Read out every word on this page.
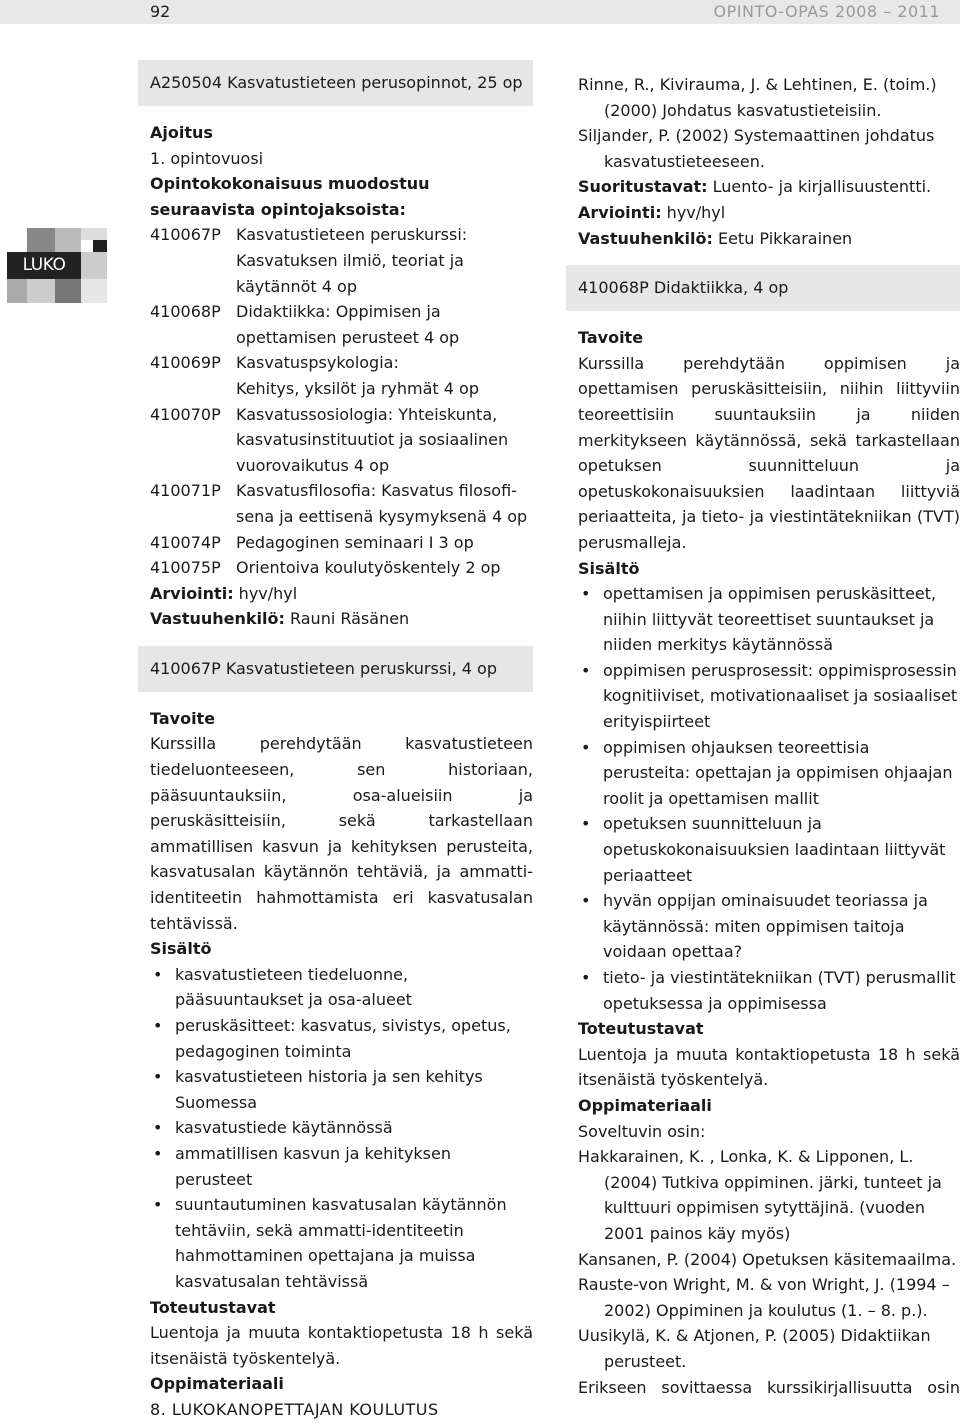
92	OPINTO-OPAS 2008 – 2011
LUKO
A250504 Kasvatustieteen perusopinnot, 25 op

Ajoitus

1. opintovuosi

Opintokokonaisuus muodostuu

seuraavista opintojaksoista:

410067P Kasvatustieteen peruskurssi:
Kasvatuksen ilmiö, teoriat ja
käytännöt 4 op
410068P Didaktiikka: Oppimisen ja
opettamisen perusteet 4 op
410069P Kasvatuspsykologia:
Kehitys, yksilöt ja ryhmät 4 op
410070P Kasvatussosiologia: Yhteiskunta,
kasvatusinstituutiot ja sosiaalinen
vuorovaikutus 4 op
410071P Kasvatusfilosofia: Kasvatus filosofi-
sena ja eettisenä kysymyksenä 4 op
410074P Pedagoginen seminaari I 3 op
410075P Orientoiva koulutyöskentely 2 op

Arviointi: hyv/hyl

Vastuuhenkilö: Rauni Räsänen

410067P Kasvatustieteen peruskurssi, 4 op

Tavoite

Kurssilla perehdytään kasvatustieteen tiedeluonteeseen, sen historiaan, pääsuuntauksiin, osa-alueisiin ja peruskäsitteisiin, sekä tarkastellaan ammatillisen kasvun ja kehityksen perusteita, kasvatusalan käytännön tehtäviä, ja ammatti-identiteetin hahmottamista eri kasvatusalan tehtävissä.

Sisältö

• kasvatustieteen tiedeluonne, pääsuuntaukset ja osa-alueet
• peruskäsitteet: kasvatus, sivistys, opetus, pedagoginen toiminta
• kasvatustieteen historia ja sen kehitys Suomessa
• kasvatustiede käytännössä
• ammatillisen kasvun ja kehityksen perusteet
• suuntautuminen kasvatusalan käytännön tehtäviin, sekä ammatti-identiteetin hahmottaminen opettajana ja muissa kasvatusalan tehtävissä

Toteutustavat

Luentoja ja muuta kontaktiopetusta 18 h sekä itsenäistä työskentelyä.

Oppimateriaali

Rinne, R., Kivirauma, J. & Lehtinen, E. (toim.) (2000) Johdatus kasvatustieteisiin.

Siljander, P. (2002) Systemaattinen johdatus kasvatustieteeseen.

Suoritustavat: Luento- ja kirjallisuustentti.

Arviointi: hyv/hyl

Vastuuhenkilö: Eetu Pikkarainen

410068P Didaktiikka, 4 op

Tavoite

Kurssilla perehdytään oppimisen ja opettamisen peruskäsitteisiin, niihin liittyviin teoreettisiin suuntauksiin ja niiden merkitykseen käytännössä, sekä tarkastellaan opetuksen suunnitteluun ja opetuskokonaisuuksien laadintaan liittyviä periaatteita, ja tieto- ja viestintätekniikan (TVT) perusmalleja.

Sisältö

• opettamisen ja oppimisen peruskäsitteet, niihin liittyvät teoreettiset suuntaukset ja niiden merkitys käytännössä
• oppimisen perusprosessit: oppimisprosessin kognitiiviset, motivationaaliset ja sosiaaliset erityispiirteet
• oppimisen ohjauksen teoreettisia perusteita: opettajan ja oppimisen ohjaajan roolit ja opettamisen mallit
• opetuksen suunnitteluun ja opetuskokonaisuuksien laadintaan liittyvät periaatteet
• hyvän oppijan ominaisuudet teoriassa ja käytännössä: miten oppimisen taitoja voidaan opettaa?
• tieto- ja viestintätekniikan (TVT) perusmallit opetuksessa ja oppimisessa

Toteutustavat

Luentoja ja muuta kontaktiopetusta 18 h sekä itsenäistä työskentelyä.

Oppimateriaali

Soveltuvin osin:

Hakkarainen, K. , Lonka, K. & Lipponen, L. (2004) Tutkiva oppiminen. järki, tunteet ja kulttuuri oppimisen sytyttäjinä. (vuoden 2001 painos käy myös)

Kansanen, P. (2004) Opetuksen käsitemaailma.

Rauste-von Wright, M. & von Wright, J. (1994 – 2002) Oppiminen ja koulutus (1. – 8. p.).

Uusikylä, K. & Atjonen, P. (2005) Didaktiikan perusteet.

Erikseen sovittaessa kurssikirjallisuutta osin

8. LUKOKANOPETTAJAN KOULUTUS
